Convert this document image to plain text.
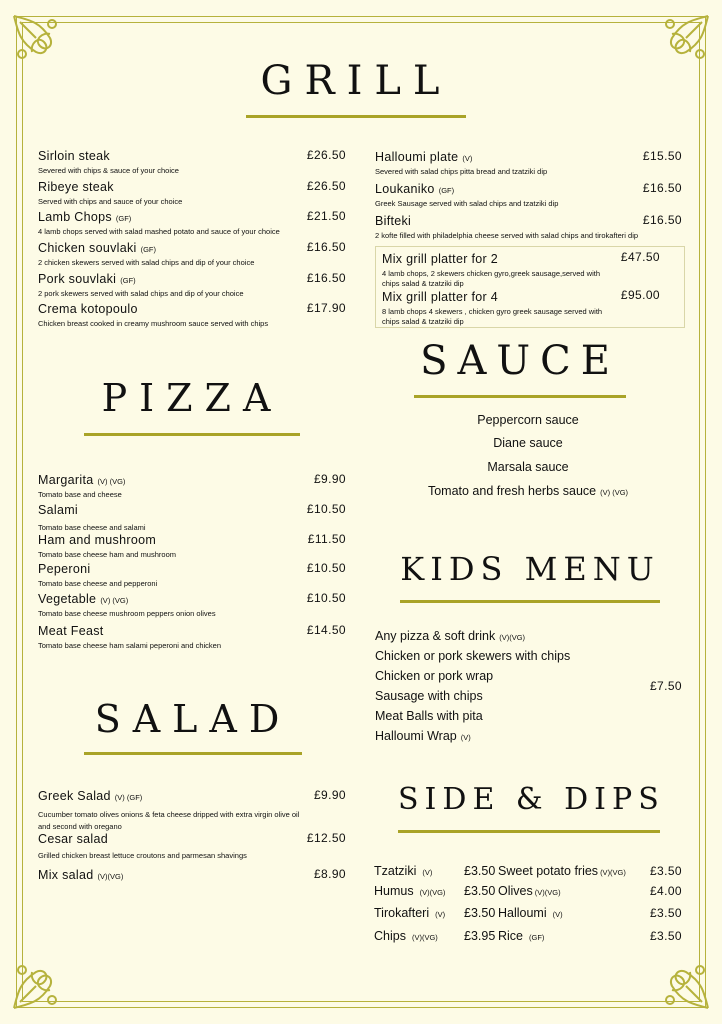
GRILL
Sirloin steak
Severed with chips & sauce of your choice
£26.50
Ribeye steak
Served with chips and sauce of your choice
£26.50
Lamb Chops (GF)
4 lamb chops served with salad mashed potato and sauce of your choice
£21.50
Chicken souvlaki (GF)
2 chicken skewers served with salad chips and dip of your choice
£16.50
Pork souvlaki (GF)
2 pork skewers served with salad chips and dip of your choice
£16.50
Crema kotopoulo
Chicken breast cooked in creamy mushroom sauce served with chips
£17.90
Halloumi plate (V)
Severed with salad chips pitta bread and tzatziki dip
£15.50
Loukaniko (GF)
Greek Sausage served with salad chips and tzatziki dip
£16.50
Bifteki
2 kofte filled with philadelphia cheese served with salad chips and tirokafteri dip
£16.50
Mix grill platter for 2
4 lamb chops, 2 skewers chicken gyro,greek sausage,served with chips salad & tzatziki dip
£47.50
Mix grill platter for 4
8 lamb chops 4 skewers , chicken gyro greek sausage served with chips salad & tzatziki dip
£95.00
SAUCE
Peppercorn sauce
Diane sauce
Marsala sauce
Tomato and fresh herbs sauce (V) (VG)
PIZZA
Margarita (V) (VG)
Tomato base and cheese
£9.90
Salami
Tomato base cheese and salami
£10.50
Ham and mushroom
Tomato base cheese ham and mushroom
£11.50
Peperoni
Tomato base cheese and pepperoni
£10.50
Vegetable (V) (VG)
Tomato base cheese mushroom peppers onion olives
£10.50
Meat Feast
Tomato base cheese ham salami peperoni and chicken
£14.50
KIDS MENU
Any pizza & soft drink (V)(VG)
Chicken or pork skewers with chips
Chicken or pork wrap
Sausage with chips
Meat Balls with pita
Halloumi Wrap (V)
£7.50
SALAD
Greek Salad (V) (GF)
Cucumber tomato olives onions & feta cheese dripped with extra virgin olive oil and second with oregano
£9.90
Cesar salad
Grilled chicken breast lettuce croutons and parmesan shavings
£12.50
Mix salad (V)(VG)	£8.90
SIDE & DIPS
Tzatziki (V)	£3.50
Humus (V)(VG) £3.50
Tirokafteri (V) £3.50
Chips (V)(VG) £3.95
Sweet potato fries (V)(VG)	£3.50
Olives (V)(VG)	£4.00
Halloumi (V)	£3.50
Rice (GF)	£3.50
